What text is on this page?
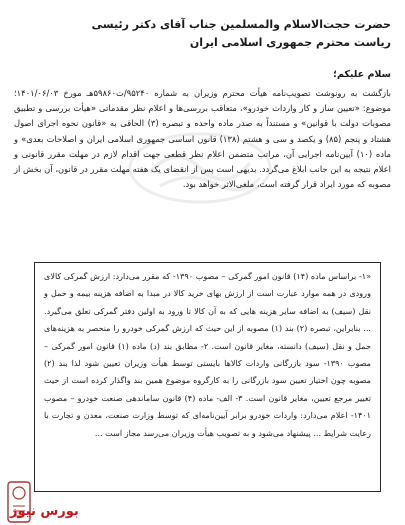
حضرت حجت‌الاسلام والمسلمین جناب آقای دکتر رئیسی

ریاست محترم جمهوری اسلامی ایران

سلام علیکم؛
بازگشت به رونوشت تصویب‌نامه هیأت محترم وزیران به شماره ۹۵۲۴۰/ت۵۹۸۶۰هـ مورخ ۱۴۰۱/۰۶/۰۳؛ موضوع: «تعیین ساز و کار واردات خودرو»، متعاقب بررسی‌ها و اعلام نظر مقدماتی «هیأت بررسی و تطبیق مصوبات دولت با قوانین» و مستنداً به صدر ماده واحده و تبصره (۳) الحاقی به «قانون نحوه اجرای اصول هشتاد و پنجم (۸۵) و یکصد و سی و هشتم (۱۳۸) قانون اساسی جمهوری اسلامی ایران و اصلاحات بعدی» و ماده (۱۰) آیین‌نامه اجرایی آن، مراتب متضمن اعلام نظر قطعی جهت اقدام لازم در مهلت مقرر قانونی و اعلام نتیجه به این جانب ابلاغ می‌گردد. بدیهی است پس از انقضای یک هفته مهلت مقرر در قانون، آن بخش از مصوبه که مورد ایراد قرار گرفته است، ملغی‌الاثر خواهد بود.
«۱- براساس ماده (۱۴) قانون امور گمرکی – مصوب ۱۳۹۰- که مقرر می‌دارد: ارزش گمرکی کالای ورودی در همه موارد عبارت است از ارزش بهای خرید کالا در مبدا به اضافه هزینه بیمه و حمل و نقل (سیف) به اضافه سایر هزینه هایی که به آن کالا تا ورود به اولین دفتر گمرکی تعلق می‌گیرد. ... بنابراین، تبصره (۲) بند (۱) مصوبه از این حیث که ارزش گمرکی خودرو را منحصر به هزینه‌های حمل و نقل (سیف) دانسته، مغایر قانون است. ۲- مطابق بند (د) ماده (۱) قانون امور گمرکی – مصوب ۱۳۹۰- سود بازرگانی واردات کالاها بایستی توسط هیأت وزیران تعیین شود لذا بند (۲) مصوبه چون اختیار تعیین سود بازرگانی را به کارگروه موضوع همین بند واگذار کرده است از حیث تغییر مرجع تعیین، مغایر قانون است. ۳- الف- ماده (۴) قانون ساماندهی صنعت خودرو – مصوب ۱۴۰۱- اعلام می‌دارد: واردات خودرو برابر آیین‌نامه‌ای که توسط وزارت صنعت، معدن و تجارت با رعایت شرایط ... پیشنهاد می‌شود و به تصویب هیأت وزیران می‌رسد مجاز است ...
بورس نیوز
